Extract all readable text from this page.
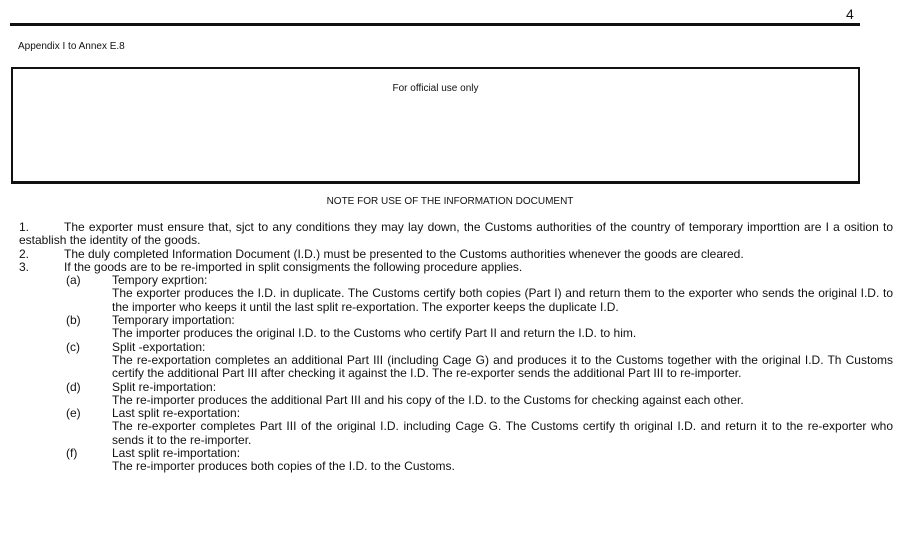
4
Appendix I to Annex E.8
For official use only
NOTE FOR USE OF THE INFORMATION DOCUMENT
1.	The exporter must ensure that, sjct to any conditions they may lay down, the Customs authorities of the country of temporary importtion are I a osition to establish the identity of the goods.
2.	The duly completed Information Document (I.D.) must be presented to the Customs authorities whenever the goods are cleared.
3.	If the goods are to be re-imported in split consigments the following procedure applies.
(a)	Tempory exprtion:
The exporter produces the I.D. in duplicate. The Customs certify both copies (Part I) and return them to the exporter who sends the original I.D. to the importer who keeps it until the last split re-exportation. The exporter keeps the duplicate I.D.
(b)	Temporary importation:
The importer produces the original I.D. to the Customs who certify Part II and return the I.D. to him.
(c)	Split -exportation:
The re-exportation completes an additional Part III (including Cage G) and produces it to the Customs together with the original I.D. Th Customs certify the additional Part III after checking it against the I.D. The re-exporter sends the additional Part III to re-importer.
(d)	Split re-importation:
The re-importer produces the additional Part III and his copy of the I.D. to the Customs for checking against each other.
(e)	Last split re-exportation:
The re-exporter completes Part III of the original I.D. including Cage G. The Customs certify th original I.D. and return it to the re-exporter who sends it to the re-importer.
(f)	Last split re-importation:
The re-importer produces both copies of the I.D. to the Customs.
